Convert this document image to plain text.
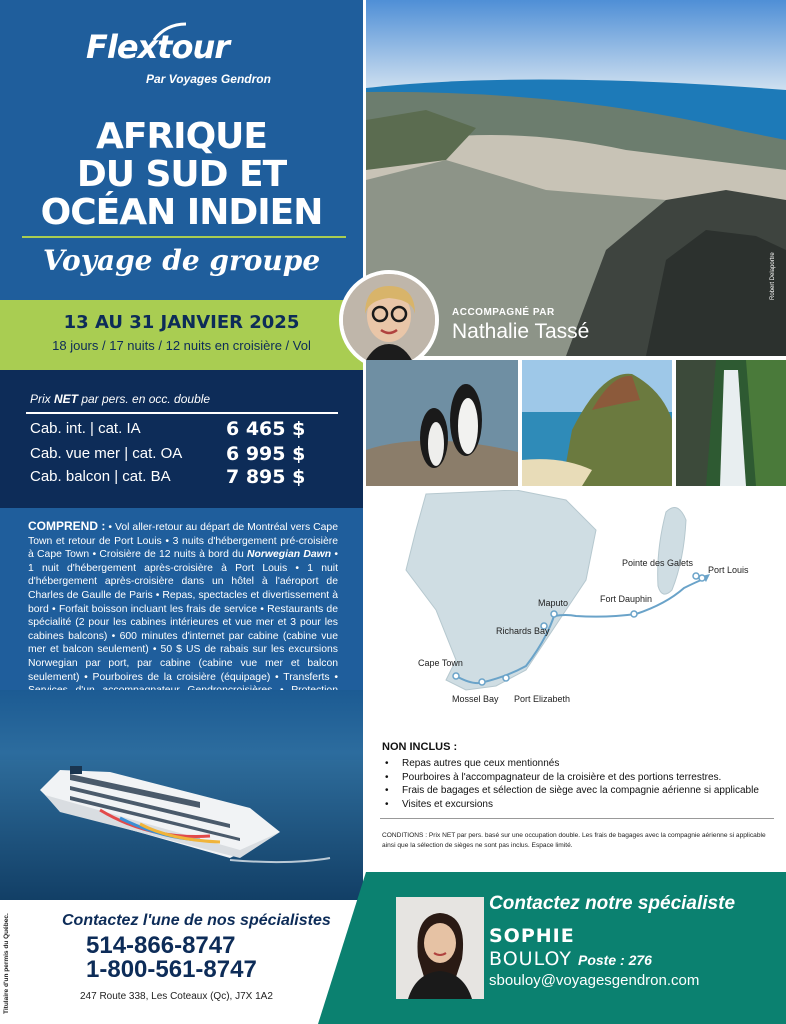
Flextour
Par Voyages Gendron
AFRIQUE
DU SUD ET
OCÉAN INDIEN
Voyage de groupe
13 AU 31 JANVIER 2025
18 jours / 17 nuits / 12 nuits en croisière / Vol
Prix NET par pers. en occ. double
Cab. int. | cat. IA	6 465 $
Cab. vue mer | cat. OA 6 995 $
Cab. balcon | cat. BA	7 895 $
COMPREND : • Vol aller-retour au départ de Montréal vers Cape Town et retour de Port Louis • 3 nuits d'hébergement pré-croisière à Cape Town • Croisière de 12 nuits à bord du Norwegian Dawn • 1 nuit d'hébergement après-croisière à Port Louis • 1 nuit d'hébergement après-croisière dans un hôtel à l'aéroport de Charles de Gaulle de Paris • Repas, spectacles et divertissement à bord • Forfait boisson incluant les frais de service • Restaurants de spécialité (2 pour les cabines intérieures et vue mer et 3 pour les cabines balcons) • 600 minutes d'internet par cabine (cabine vue mer et balcon seulement) • 50 $ US de rabais sur les excursions Norwegian par port, par cabine (cabine vue mer et balcon seulement) • Pourboires de la croisière (équipage) • Transferts •
Robert Delaportre
ACCOMPAGNÉ PAR
Nathalie Tassé
Cape Town
Mossel Bay Port Elizabeth
Richards Bay
Maputo	Fort Dauphin
Pointe des Galets
Port Louis
NON INCLUS :
• Repas autres que ceux mentionnés
• Pourboires à l'accompagnateur de la croisière et des portions terrestres.
• Frais de bagages et sélection de siège avec la compagnie aérienne si applicable
• Visites et excursions
CONDITIONS : Prix NET par pers. basé sur une occupation double. Les frais de bagages avec la compagnie aérienne si applicable ainsi que la sélection de sièges ne sont pas inclus. Espace limité.
Titulaire d'un permis du Québec.	Contactez l'une de nos spécialistes
514-866-8747
1-800-561-8747
247 Route 338, Les Coteaux (Qc), J7X 1A2
Contactez notre spécialiste
SOPHIE
BOULOY Poste : 276
sbouloy@voyagesgendron.com
